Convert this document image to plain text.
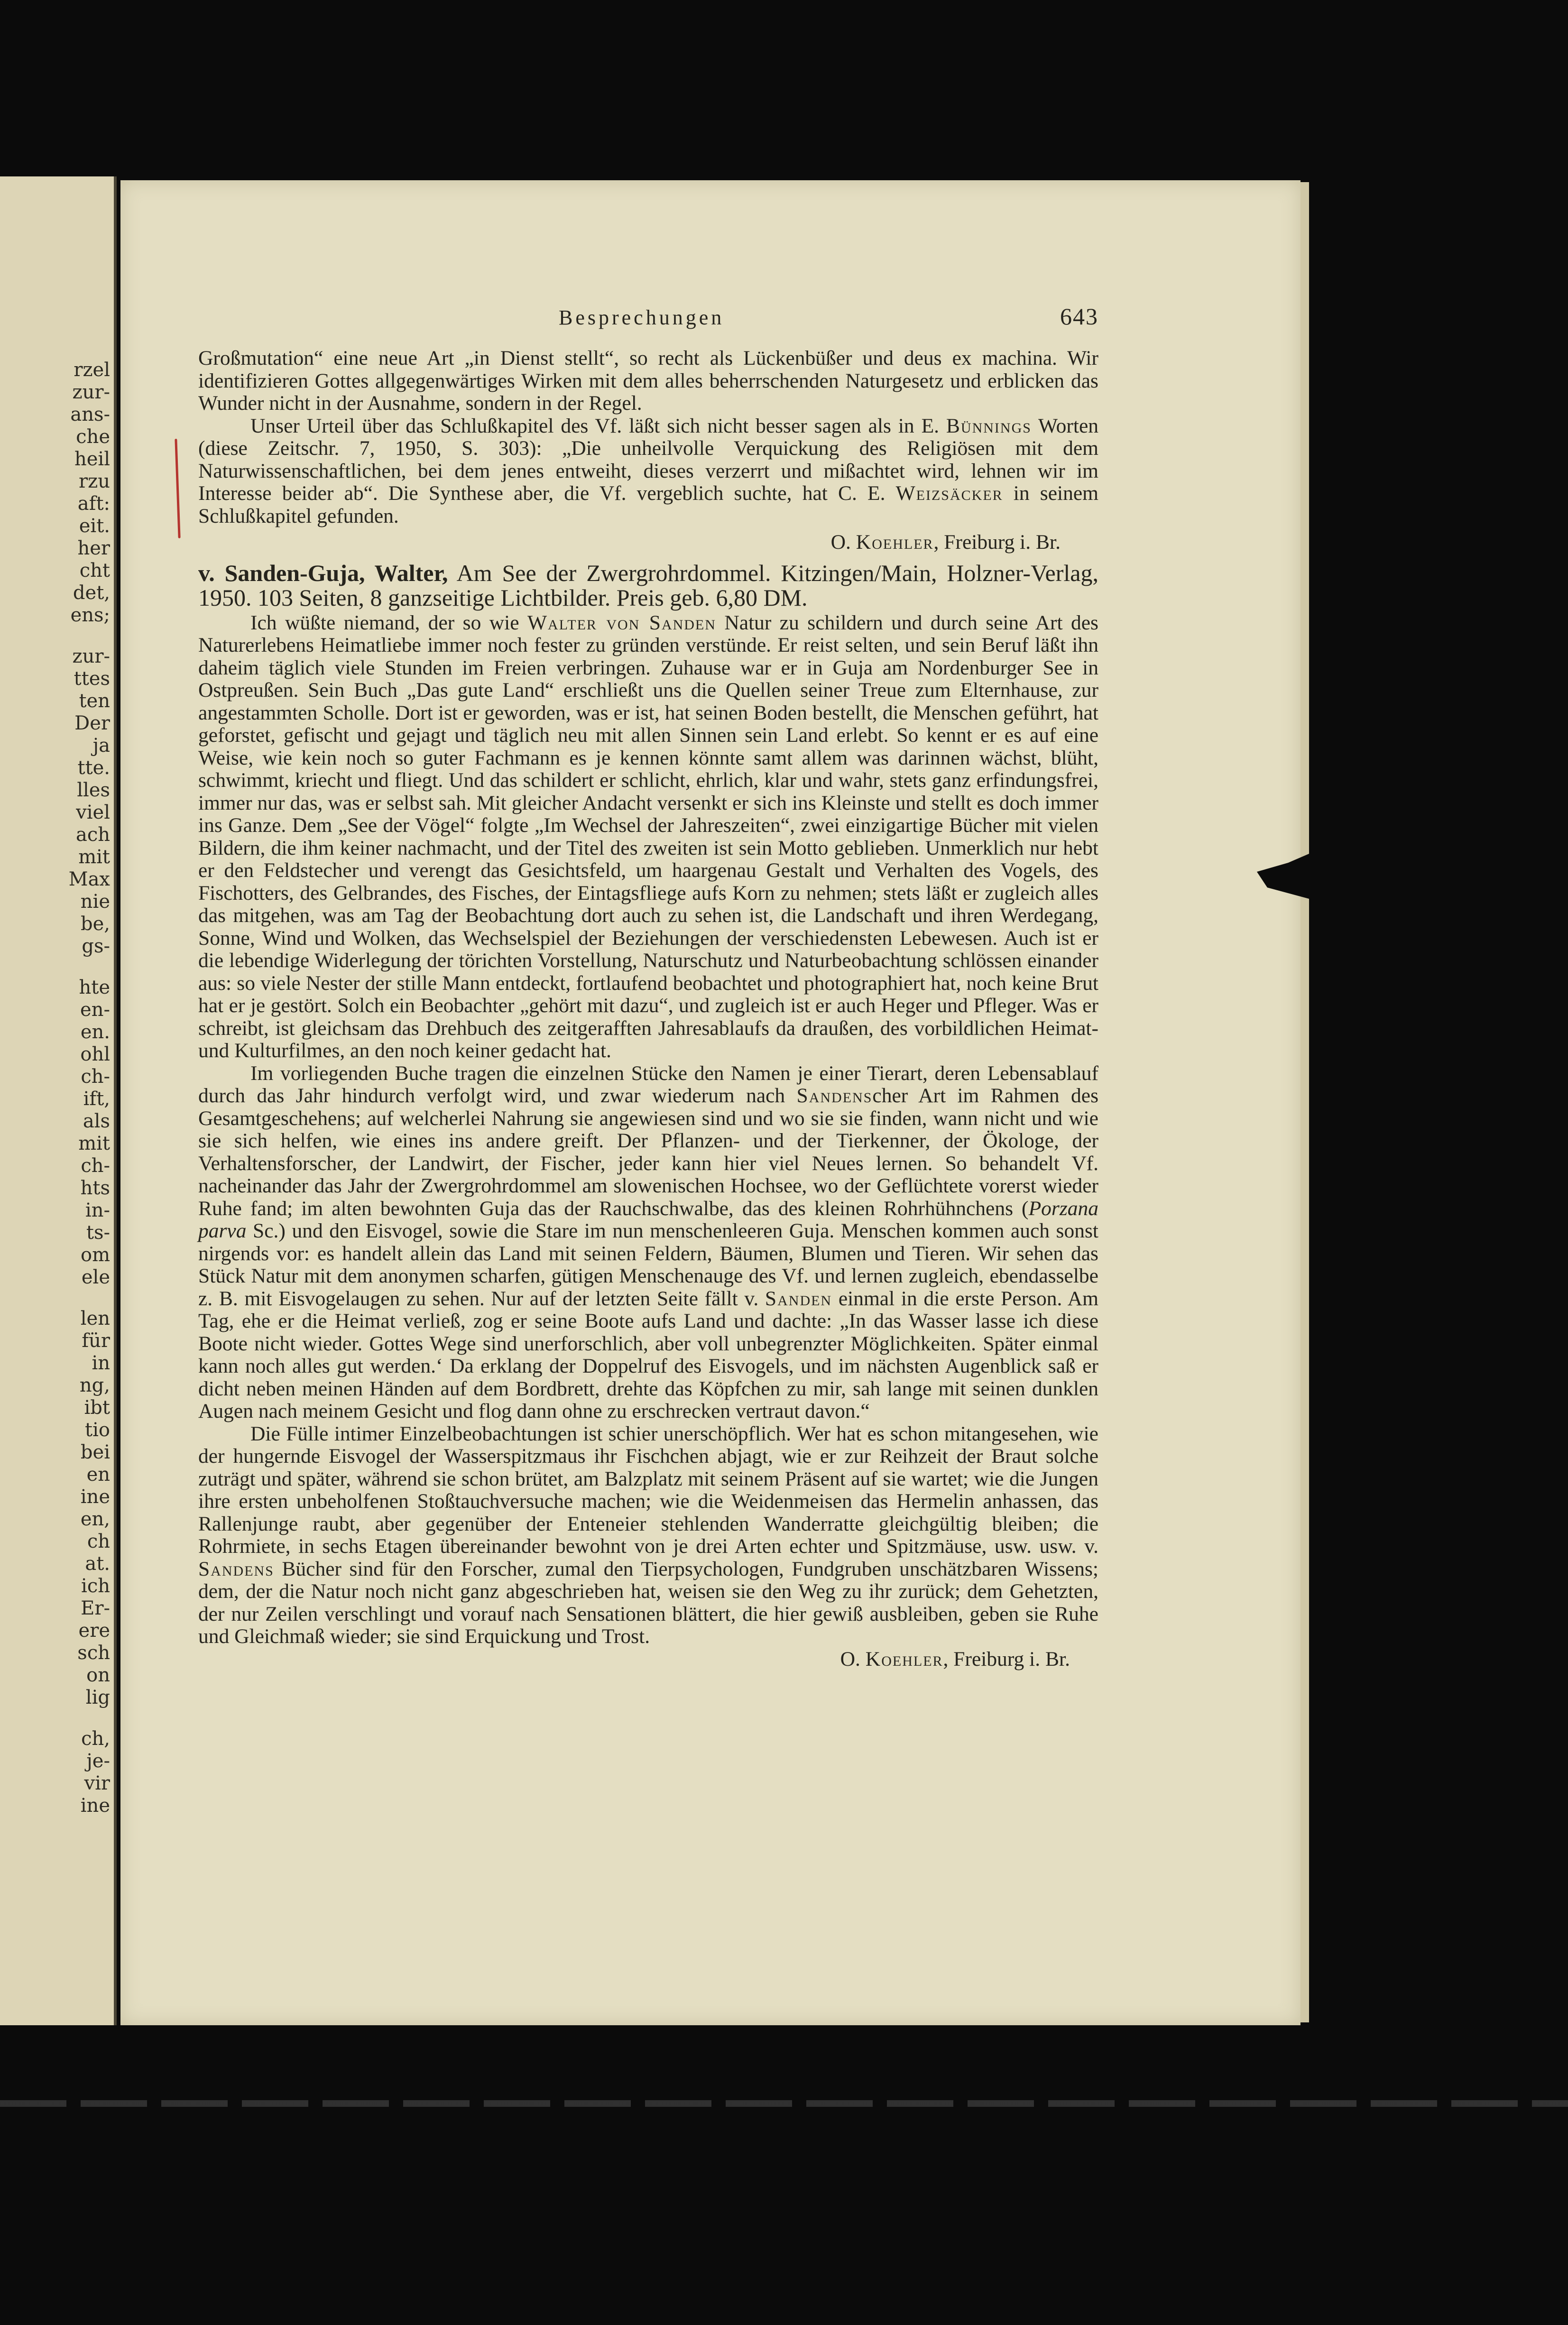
rzel
zur-
ans-
che
heil
rzu
aft:
eit.
her
cht
det,
ens;
zur-
ttes
ten
Der
ja
tte.
lles
viel
ach
mit
Max
nie
be,
gs-
hte
en-
en.
ohl
ch-
ift,
als
mit
ch-
hts
in-
ts-
om
ele
len
für
in
ng,
ibt
tio
bei
en
ine
en,
ch
at.
ich
Er-
ere
sch
on
lig
ch,
je-
vir
ine
Besprechungen	643

Großmutation“ eine neue Art „in Dienst stellt“, so recht als Lückenbüßer und deus ex machina. Wir identifizieren Gottes allgegenwärtiges Wirken mit dem alles beherrschenden Naturgesetz und erblicken das Wunder nicht in der Ausnahme, sondern in der Regel.

Unser Urteil über das Schlußkapitel des Vf. läßt sich nicht besser sagen als in E. Bünnings Worten (diese Zeitschr. 7, 1950, S. 303): „Die unheilvolle Verquickung des Religiösen mit dem Naturwissenschaftlichen, bei dem jenes entweiht, dieses verzerrt und mißachtet wird, lehnen wir im Interesse beider ab“. Die Synthese aber, die Vf. vergeblich suchte, hat C. E. Weizsäcker in seinem Schlußkapitel gefunden.

O. Koehler, Freiburg i. Br.

v. Sanden-Guja, Walter, Am See der Zwergrohrdommel. Kitzingen/Main, Holzner-Verlag, 1950. 103 Seiten, 8 ganzseitige Lichtbilder. Preis geb. 6,80 DM.

Ich wüßte niemand, der so wie Walter von Sanden Natur zu schildern und durch seine Art des Naturerlebens Heimatliebe immer noch fester zu gründen verstünde. Er reist selten, und sein Beruf läßt ihn daheim täglich viele Stunden im Freien verbringen. Zuhause war er in Guja am Nordenburger See in Ostpreußen. Sein Buch „Das gute Land“ erschließt uns die Quellen seiner Treue zum Elternhause, zur angestammten Scholle. Dort ist er geworden, was er ist, hat seinen Boden bestellt, die Menschen geführt, hat geforstet, gefischt und gejagt und täglich neu mit allen Sinnen sein Land erlebt. So kennt er es auf eine Weise, wie kein noch so guter Fachmann es je kennen könnte samt allem was darinnen wächst, blüht, schwimmt, kriecht und fliegt. Und das schildert er schlicht, ehrlich, klar und wahr, stets ganz erfindungsfrei, immer nur das, was er selbst sah. Mit gleicher Andacht versenkt er sich ins Kleinste und stellt es doch immer ins Ganze. Dem „See der Vögel“ folgte „Im Wechsel der Jahreszeiten“, zwei einzigartige Bücher mit vielen Bildern, die ihm keiner nachmacht, und der Titel des zweiten ist sein Motto geblieben. Unmerklich nur hebt er den Feldstecher und verengt das Gesichtsfeld, um haargenau Gestalt und Verhalten des Vogels, des Fischotters, des Gelbrandes, des Fisches, der Eintagsfliege aufs Korn zu nehmen; stets läßt er zugleich alles das mitgehen, was am Tag der Beobachtung dort auch zu sehen ist, die Landschaft und ihren Werdegang, Sonne, Wind und Wolken, das Wechselspiel der Beziehungen der verschiedensten Lebewesen. Auch ist er die lebendige Widerlegung der törichten Vorstellung, Naturschutz und Naturbeobachtung schlössen einander aus: so viele Nester der stille Mann entdeckt, fortlaufend beobachtet und photographiert hat, noch keine Brut hat er je gestört. Solch ein Beobachter „gehört mit dazu“, und zugleich ist er auch Heger und Pfleger. Was er schreibt, ist gleichsam das Drehbuch des zeitgerafften Jahresablaufs da draußen, des vorbildlichen Heimat- und Kulturfilmes, an den noch keiner gedacht hat.

Im vorliegenden Buche tragen die einzelnen Stücke den Namen je einer Tierart, deren Lebensablauf durch das Jahr hindurch verfolgt wird, und zwar wiederum nach Sandenscher Art im Rahmen des Gesamtgeschehens; auf welcherlei Nahrung sie angewiesen sind und wo sie sie finden, wann nicht und wie sie sich helfen, wie eines ins andere greift. Der Pflanzen- und der Tierkenner, der Ökologe, der Verhaltensforscher, der Landwirt, der Fischer, jeder kann hier viel Neues lernen. So behandelt Vf. nacheinander das Jahr der Zwergrohrdommel am slowenischen Hochsee, wo der Geflüchtete vorerst wieder Ruhe fand; im alten bewohnten Guja das der Rauchschwalbe, das des kleinen Rohrhühnchens (Porzana parva Sc.) und den Eisvogel, sowie die Stare im nun menschenleeren Guja. Menschen kommen auch sonst nirgends vor: es handelt allein das Land mit seinen Feldern, Bäumen, Blumen und Tieren. Wir sehen das Stück Natur mit dem anonymen scharfen, gütigen Menschenauge des Vf. und lernen zugleich, ebendasselbe z. B. mit Eisvogelaugen zu sehen. Nur auf der letzten Seite fällt v. Sanden einmal in die erste Person. Am Tag, ehe er die Heimat verließ, zog er seine Boote aufs Land und dachte: „In das Wasser lasse ich diese Boote nicht wieder. Gottes Wege sind unerforschlich, aber voll unbegrenzter Möglichkeiten. Später einmal kann noch alles gut werden.‘ Da erklang der Doppelruf des Eisvogels, und im nächsten Augenblick saß er dicht neben meinen Händen auf dem Bordbrett, drehte das Köpfchen zu mir, sah lange mit seinen dunklen Augen nach meinem Gesicht und flog dann ohne zu erschrecken vertraut davon.“

Die Fülle intimer Einzelbeobachtungen ist schier unerschöpflich. Wer hat es schon mitangesehen, wie der hungernde Eisvogel der Wasserspitzmaus ihr Fischchen abjagt, wie er zur Reihzeit der Braut solche zuträgt und später, während sie schon brütet, am Balzplatz mit seinem Präsent auf sie wartet; wie die Jungen ihre ersten unbeholfenen Stoßtauchversuche machen; wie die Weidenmeisen das Hermelin anhassen, das Rallenjunge raubt, aber gegenüber der Enteneier stehlenden Wanderratte gleichgültig bleiben; die Rohrmiete, in sechs Etagen übereinander bewohnt von je drei Arten echter und Spitzmäuse, usw. usw. v. Sandens Bücher sind für den Forscher, zumal den Tierpsychologen, Fundgruben unschätzbaren Wissens; dem, der die Natur noch nicht ganz abgeschrieben hat, weisen sie den Weg zu ihr zurück; dem Gehetzten, der nur Zeilen verschlingt und vorauf nach Sensationen blättert, die hier gewiß ausbleiben, geben sie Ruhe und Gleichmaß wieder; sie sind Erquickung und Trost.

O. Koehler, Freiburg i. Br.
